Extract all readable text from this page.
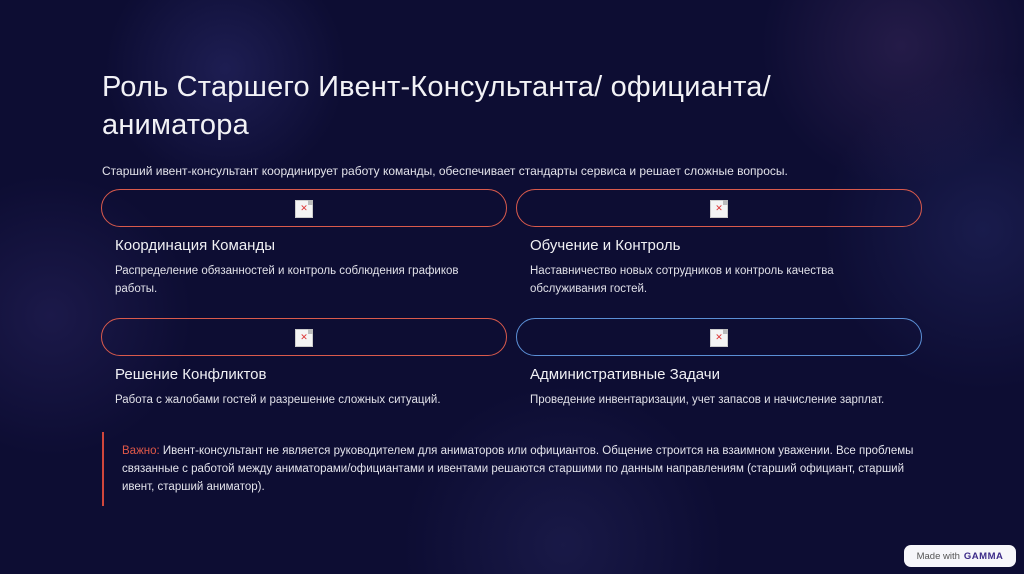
Роль Старшего Ивент-Консультанта/ официанта/ аниматора
Старший ивент-консультант координирует работу команды, обеспечивает стандарты сервиса и решает сложные вопросы.
✕
Координация Команды

Распределение обязанностей и контроль соблюдения графиков работы.

✕
Обучение и Контроль

Наставничество новых сотрудников и контроль качества обслуживания гостей.

✕
Решение Конфликтов

Работа с жалобами гостей и разрешение сложных ситуаций.

✕
Административные Задачи

Проведение инвентаризации, учет запасов и начисление зарплат.

Важно: Ивент-консультант не является руководителем для аниматоров или официантов. Общение строится на взаимном уважении. Все проблемы связанные с работой между аниматорами/официантами и ивентами решаются старшими по данным направлениям (старший официант, старший ивент, старший аниматор).
Made with GAMMA
